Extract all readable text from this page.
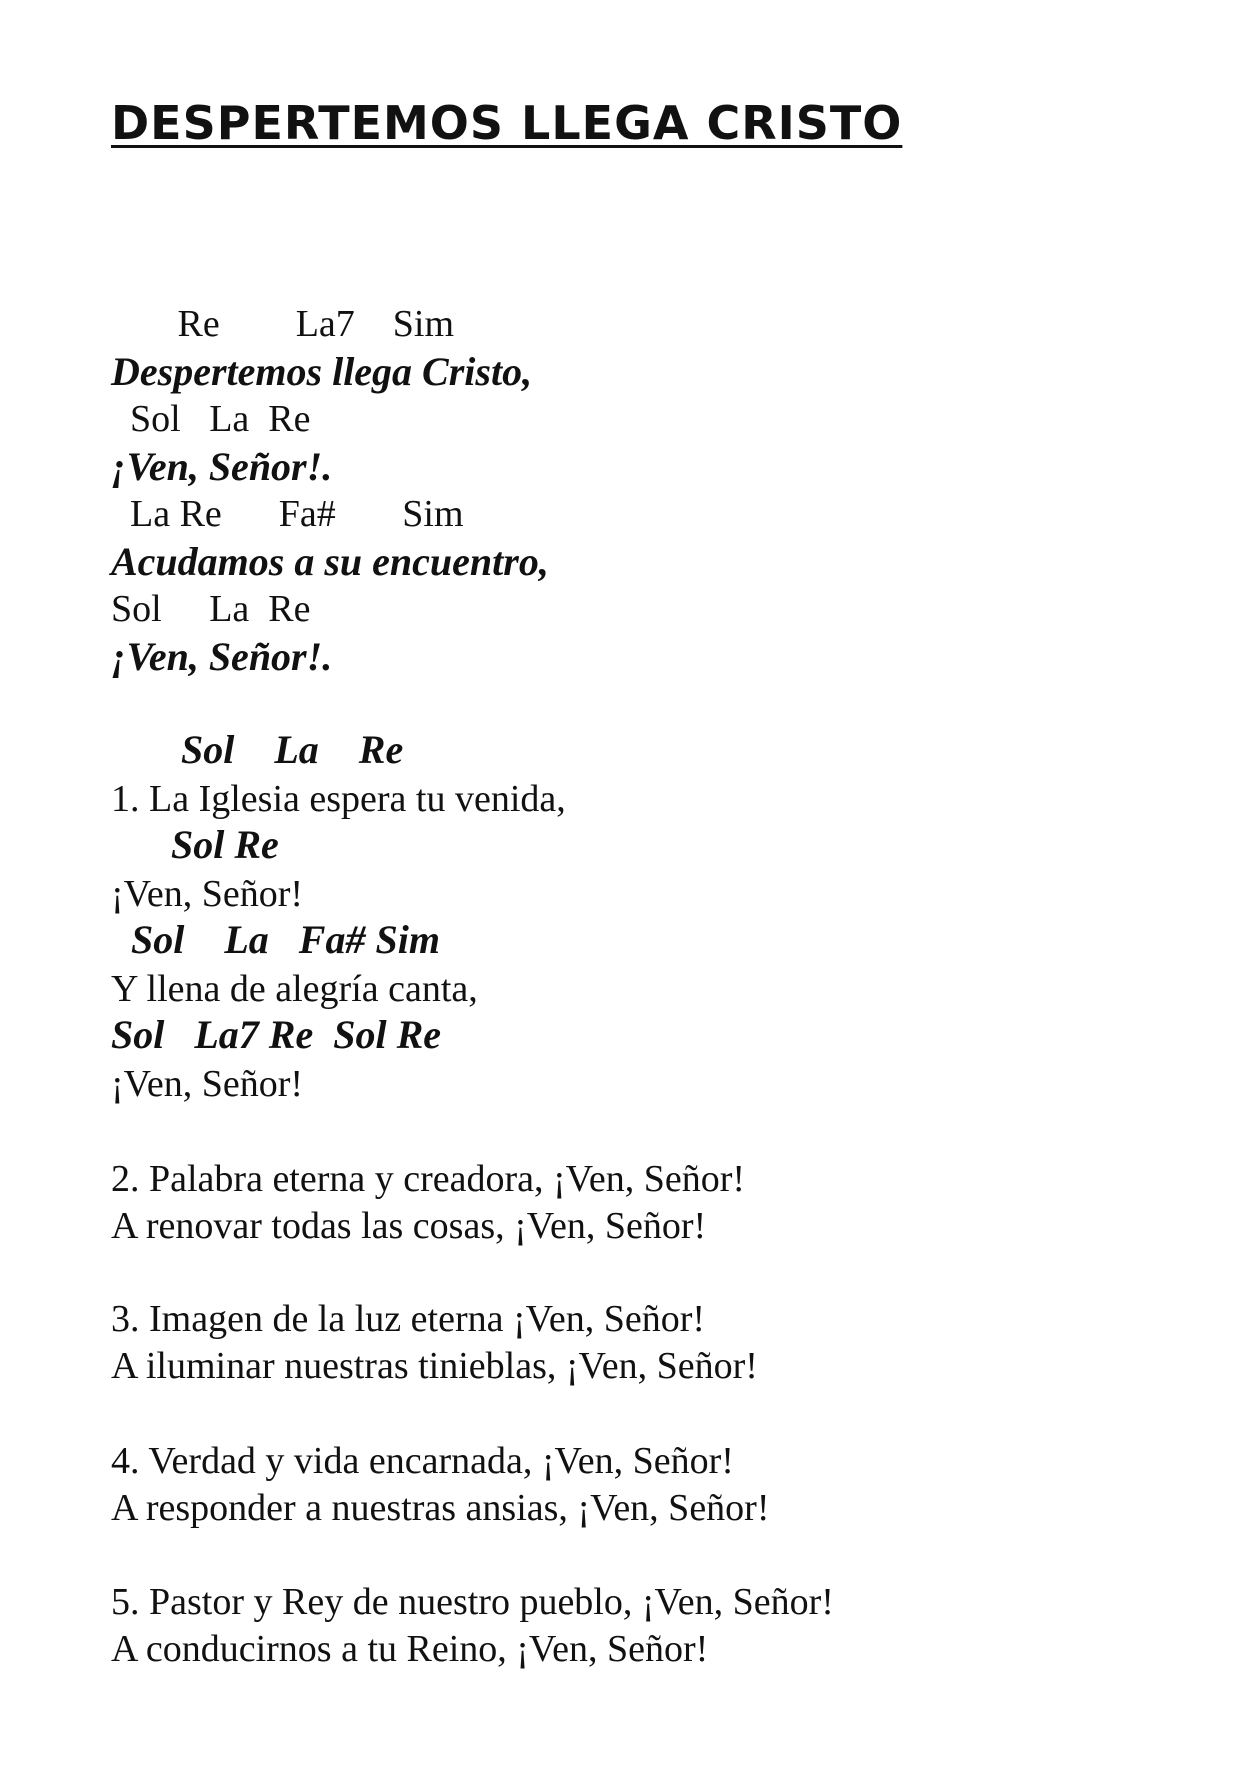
DESPERTEMOS LLEGA CRISTO
Re        La7    Sim
Despertemos llega Cristo,
Sol   La  Re
¡Ven, Señor!.
La Re      Fa#       Sim
Acudamos a su encuentro,
Sol     La  Re
¡Ven, Señor!.
Sol    La    Re
1. La Iglesia espera tu venida,
Sol Re
¡Ven, Señor!
Sol    La   Fa# Sim
Y llena de alegría canta,
Sol   La7 Re  Sol Re
¡Ven, Señor!
2. Palabra eterna y creadora, ¡Ven, Señor!
A renovar todas las cosas, ¡Ven, Señor!
3. Imagen de la luz eterna ¡Ven, Señor!
A iluminar nuestras tinieblas, ¡Ven, Señor!
4. Verdad y vida encarnada, ¡Ven, Señor!
A responder a nuestras ansias, ¡Ven, Señor!
5. Pastor y Rey de nuestro pueblo, ¡Ven, Señor!
A conducirnos a tu Reino, ¡Ven, Señor!
